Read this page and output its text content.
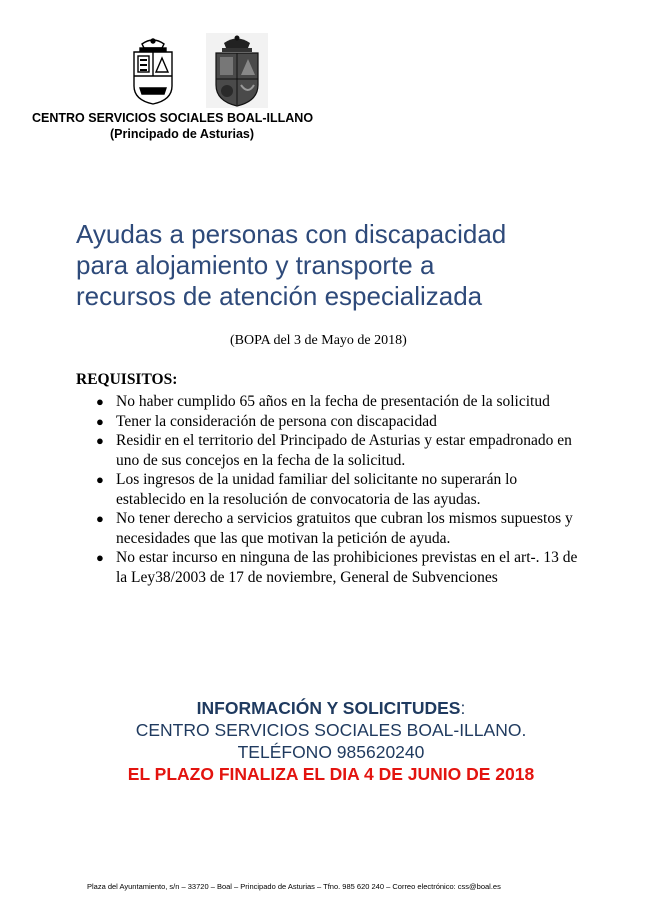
CENTRO SERVICIOS SOCIALES BOAL-ILLANO
(Principado de Asturias)
Ayudas a personas con discapacidad
para alojamiento y transporte a
recursos de atención especializada
(BOPA del 3 de Mayo de 2018)
REQUISITOS:
● No haber cumplido 65 años en la fecha de presentación de la solicitud
● Tener la consideración de persona con discapacidad
● Residir en el territorio del Principado de Asturias y estar empadronado en uno de sus concejos en la fecha de la solicitud.
● Los ingresos de la unidad familiar del solicitante no superarán lo establecido en la resolución de convocatoria de las ayudas.
● No tener derecho a servicios gratuitos que cubran los mismos supuestos y necesidades que las que motivan la petición de ayuda.
● No estar incurso en ninguna de las prohibiciones previstas en el art-. 13 de la Ley38/2003 de 17 de noviembre, General de Subvenciones
INFORMACIÓN Y SOLICITUDES:
CENTRO SERVICIOS SOCIALES BOAL-ILLANO.
TELÉFONO 985620240
EL PLAZO FINALIZA EL DIA 4 DE JUNIO DE 2018
Plaza del Ayuntamiento, s/n – 33720 – Boal – Principado de Asturias – Tfno. 985 620 240 – Correo electrónico: css@boal.es
